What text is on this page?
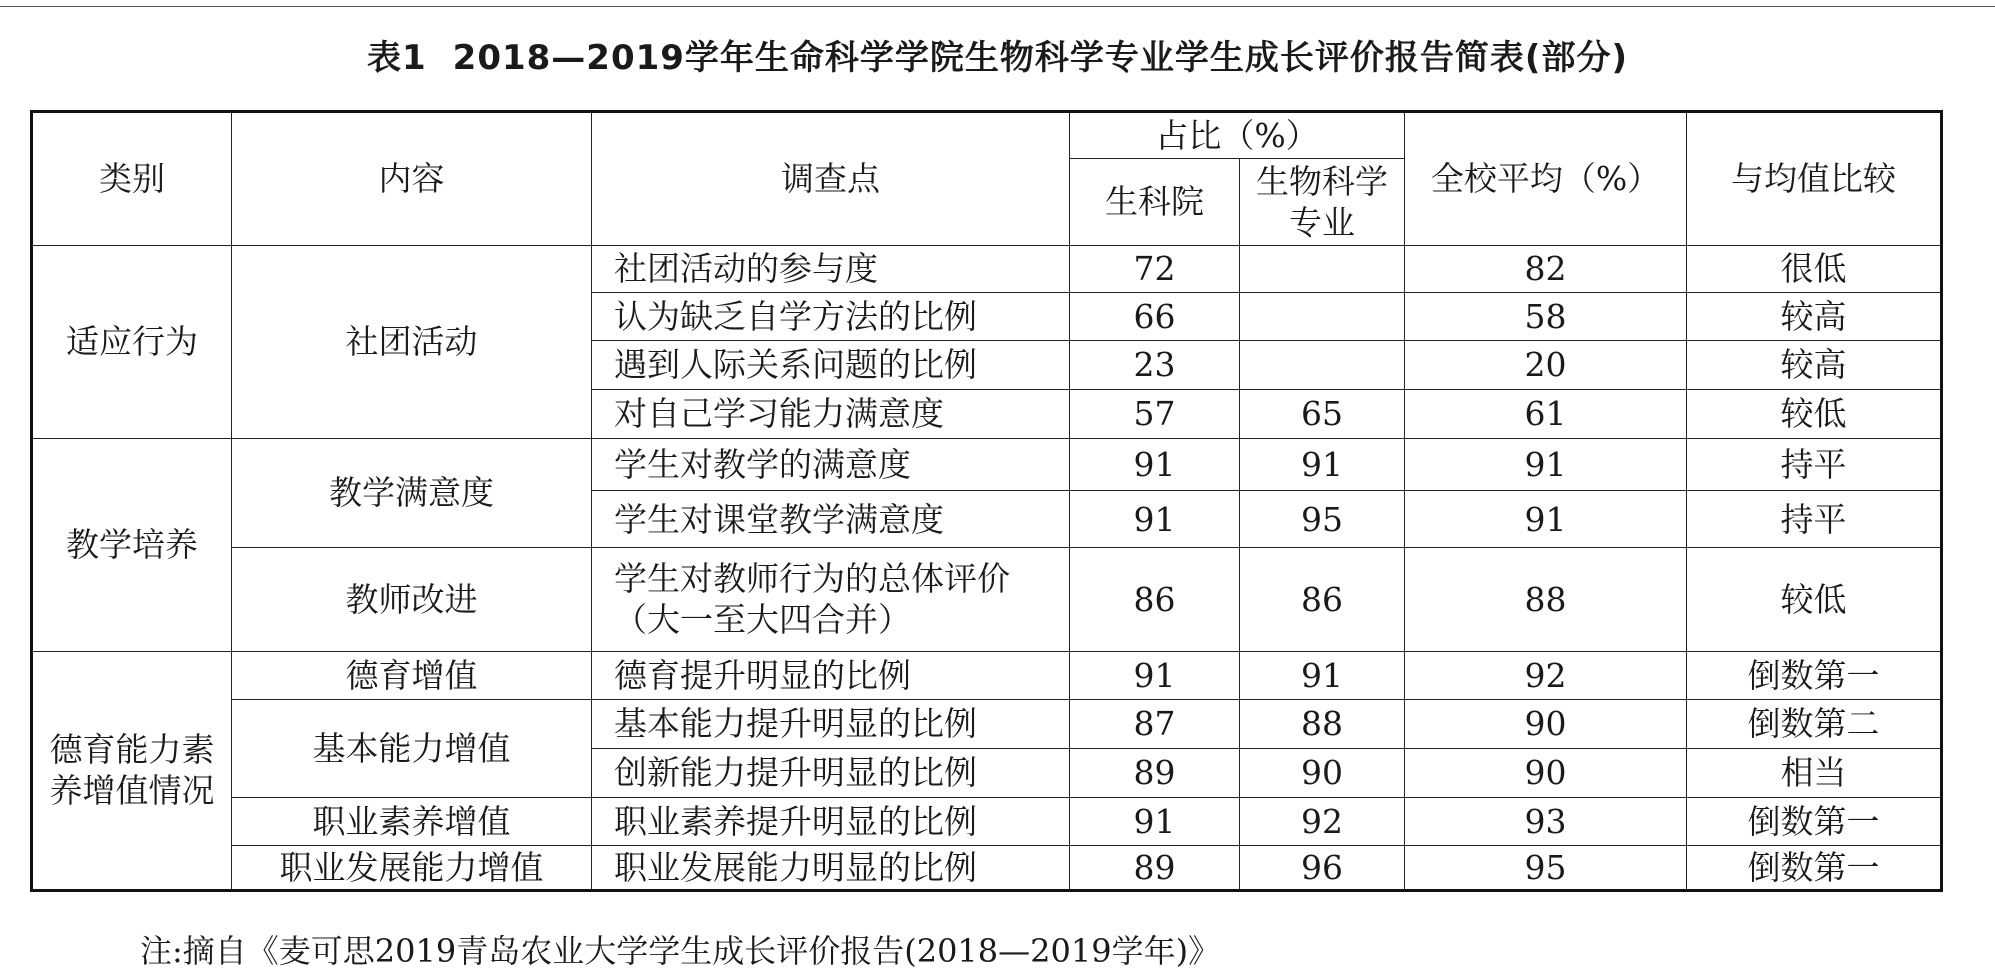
表1 2018—2019学年生命科学学院生物科学专业学生成长评价报告简表(部分)
类别	内容	调查点	占比（%）		全校平均（%）	与均值比较
			生科院	生物科学专业		
适应行为	社团活动	社团活动的参与度	72		82	很低
		认为缺乏自学方法的比例	66		58	较高
		遇到人际关系问题的比例	23		20	较高
		对自己学习能力满意度	57	65	61	较低
教学培养	教学满意度	学生对教学的满意度	91	91	91	持平
		学生对课堂教学满意度	91	95	91	持平
	教师改进	学生对教师行为的总体评价（大一至大四合并）	86	86	88	较低
德育能力素养增值情况	德育增值	德育提升明显的比例	91	91	92	倒数第一
	基本能力增值	基本能力提升明显的比例	87	88	90	倒数第二
		创新能力提升明显的比例	89	90	90	相当
	职业素养增值	职业素养提升明显的比例	91	92	93	倒数第一
	职业发展能力增值	职业发展能力明显的比例	89	96	95	倒数第一
注:摘自《麦可思2019青岛农业大学学生成长评价报告(2018—2019学年)》
